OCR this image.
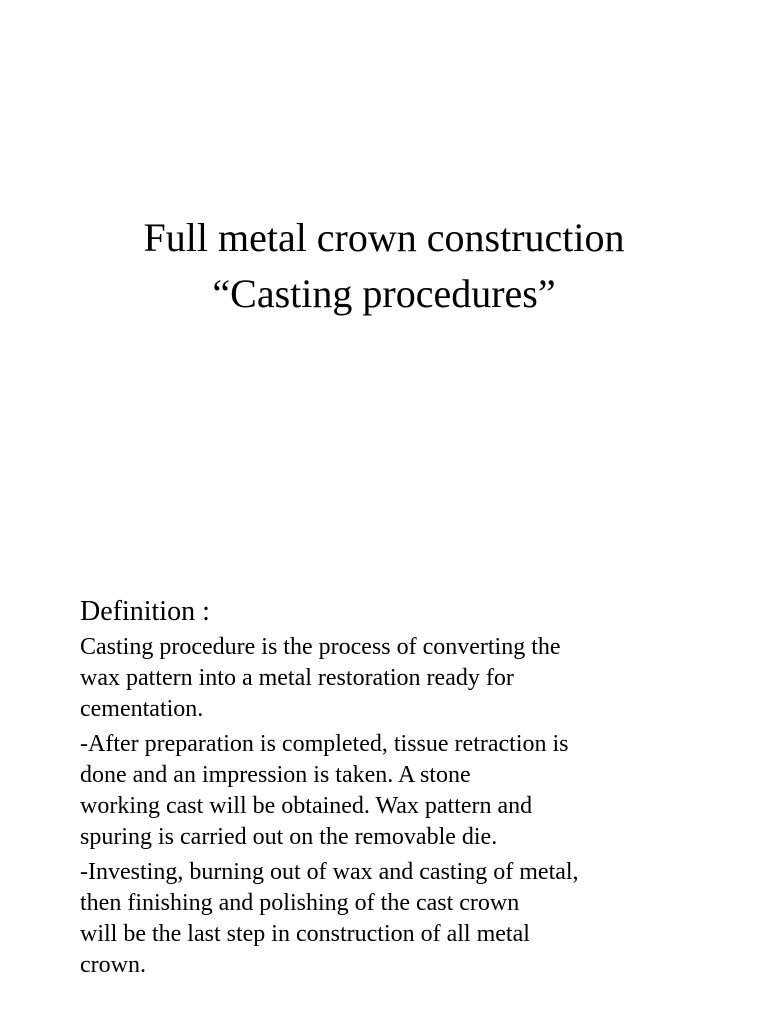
Full metal crown construction
“Casting procedures”
Definition :
Casting procedure is the process of converting the
wax pattern into a metal restoration ready for
cementation.
-After preparation is completed, tissue retraction is
done and an impression is taken. A stone
working cast will be obtained. Wax pattern and
spuring is carried out on the removable die.
-Investing, burning out of wax and casting of metal,
then finishing and polishing of the cast crown
will be the last step in construction of all metal
crown.
